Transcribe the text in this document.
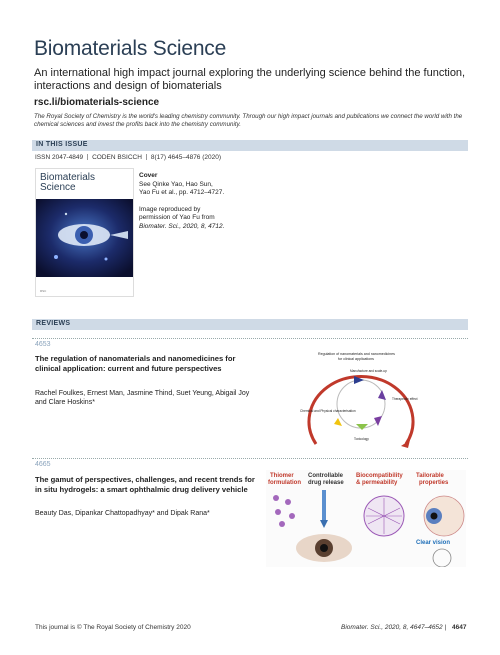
Biomaterials Science
An international high impact journal exploring the underlying science behind the function, interactions and design of biomaterials
rsc.li/biomaterials-science
The Royal Society of Chemistry is the world's leading chemistry community. Through our high impact journals and publications we connect the world with the chemical sciences and invest the profits back into the chemistry community.
IN THIS ISSUE
ISSN 2047-4849 CODEN BSICCH 8(17) 4645–4876 (2020)
Biomaterials
Science
RSC
Cover
See Qinke Yao, Hao Sun,
Yao Fu et al., pp. 4712–4727.
Image reproduced by
permission of Yao Fu from
Biomater. Sci., 2020, 8, 4712.
REVIEWS
4653
The regulation of nanomaterials and nanomedicines for clinical application: current and future perspectives
Rachel Foulkes, Ernest Man, Jasmine Thind, Suet Yeung, Abigail Joy and Clare Hoskins*
Regulation of nanomaterials and nanomedicines
for clinical applications
Manufacture and scale-up
Therapeutic effect
Toxicology
Chemical and Physical characterisation
4665
The gamut of perspectives, challenges, and recent trends for in situ hydrogels: a smart ophthalmic drug delivery vehicle
Beauty Das, Dipankar Chattopadhyay* and Dipak Rana*
Thiomer
formulation
Controllable
drug release
Biocompatibility
& permeability
Tailorable
properties
Clear vision
This journal is © The Royal Society of Chemistry 2020	Biomater. Sci., 2020, 8, 4647–4652 | 4647
